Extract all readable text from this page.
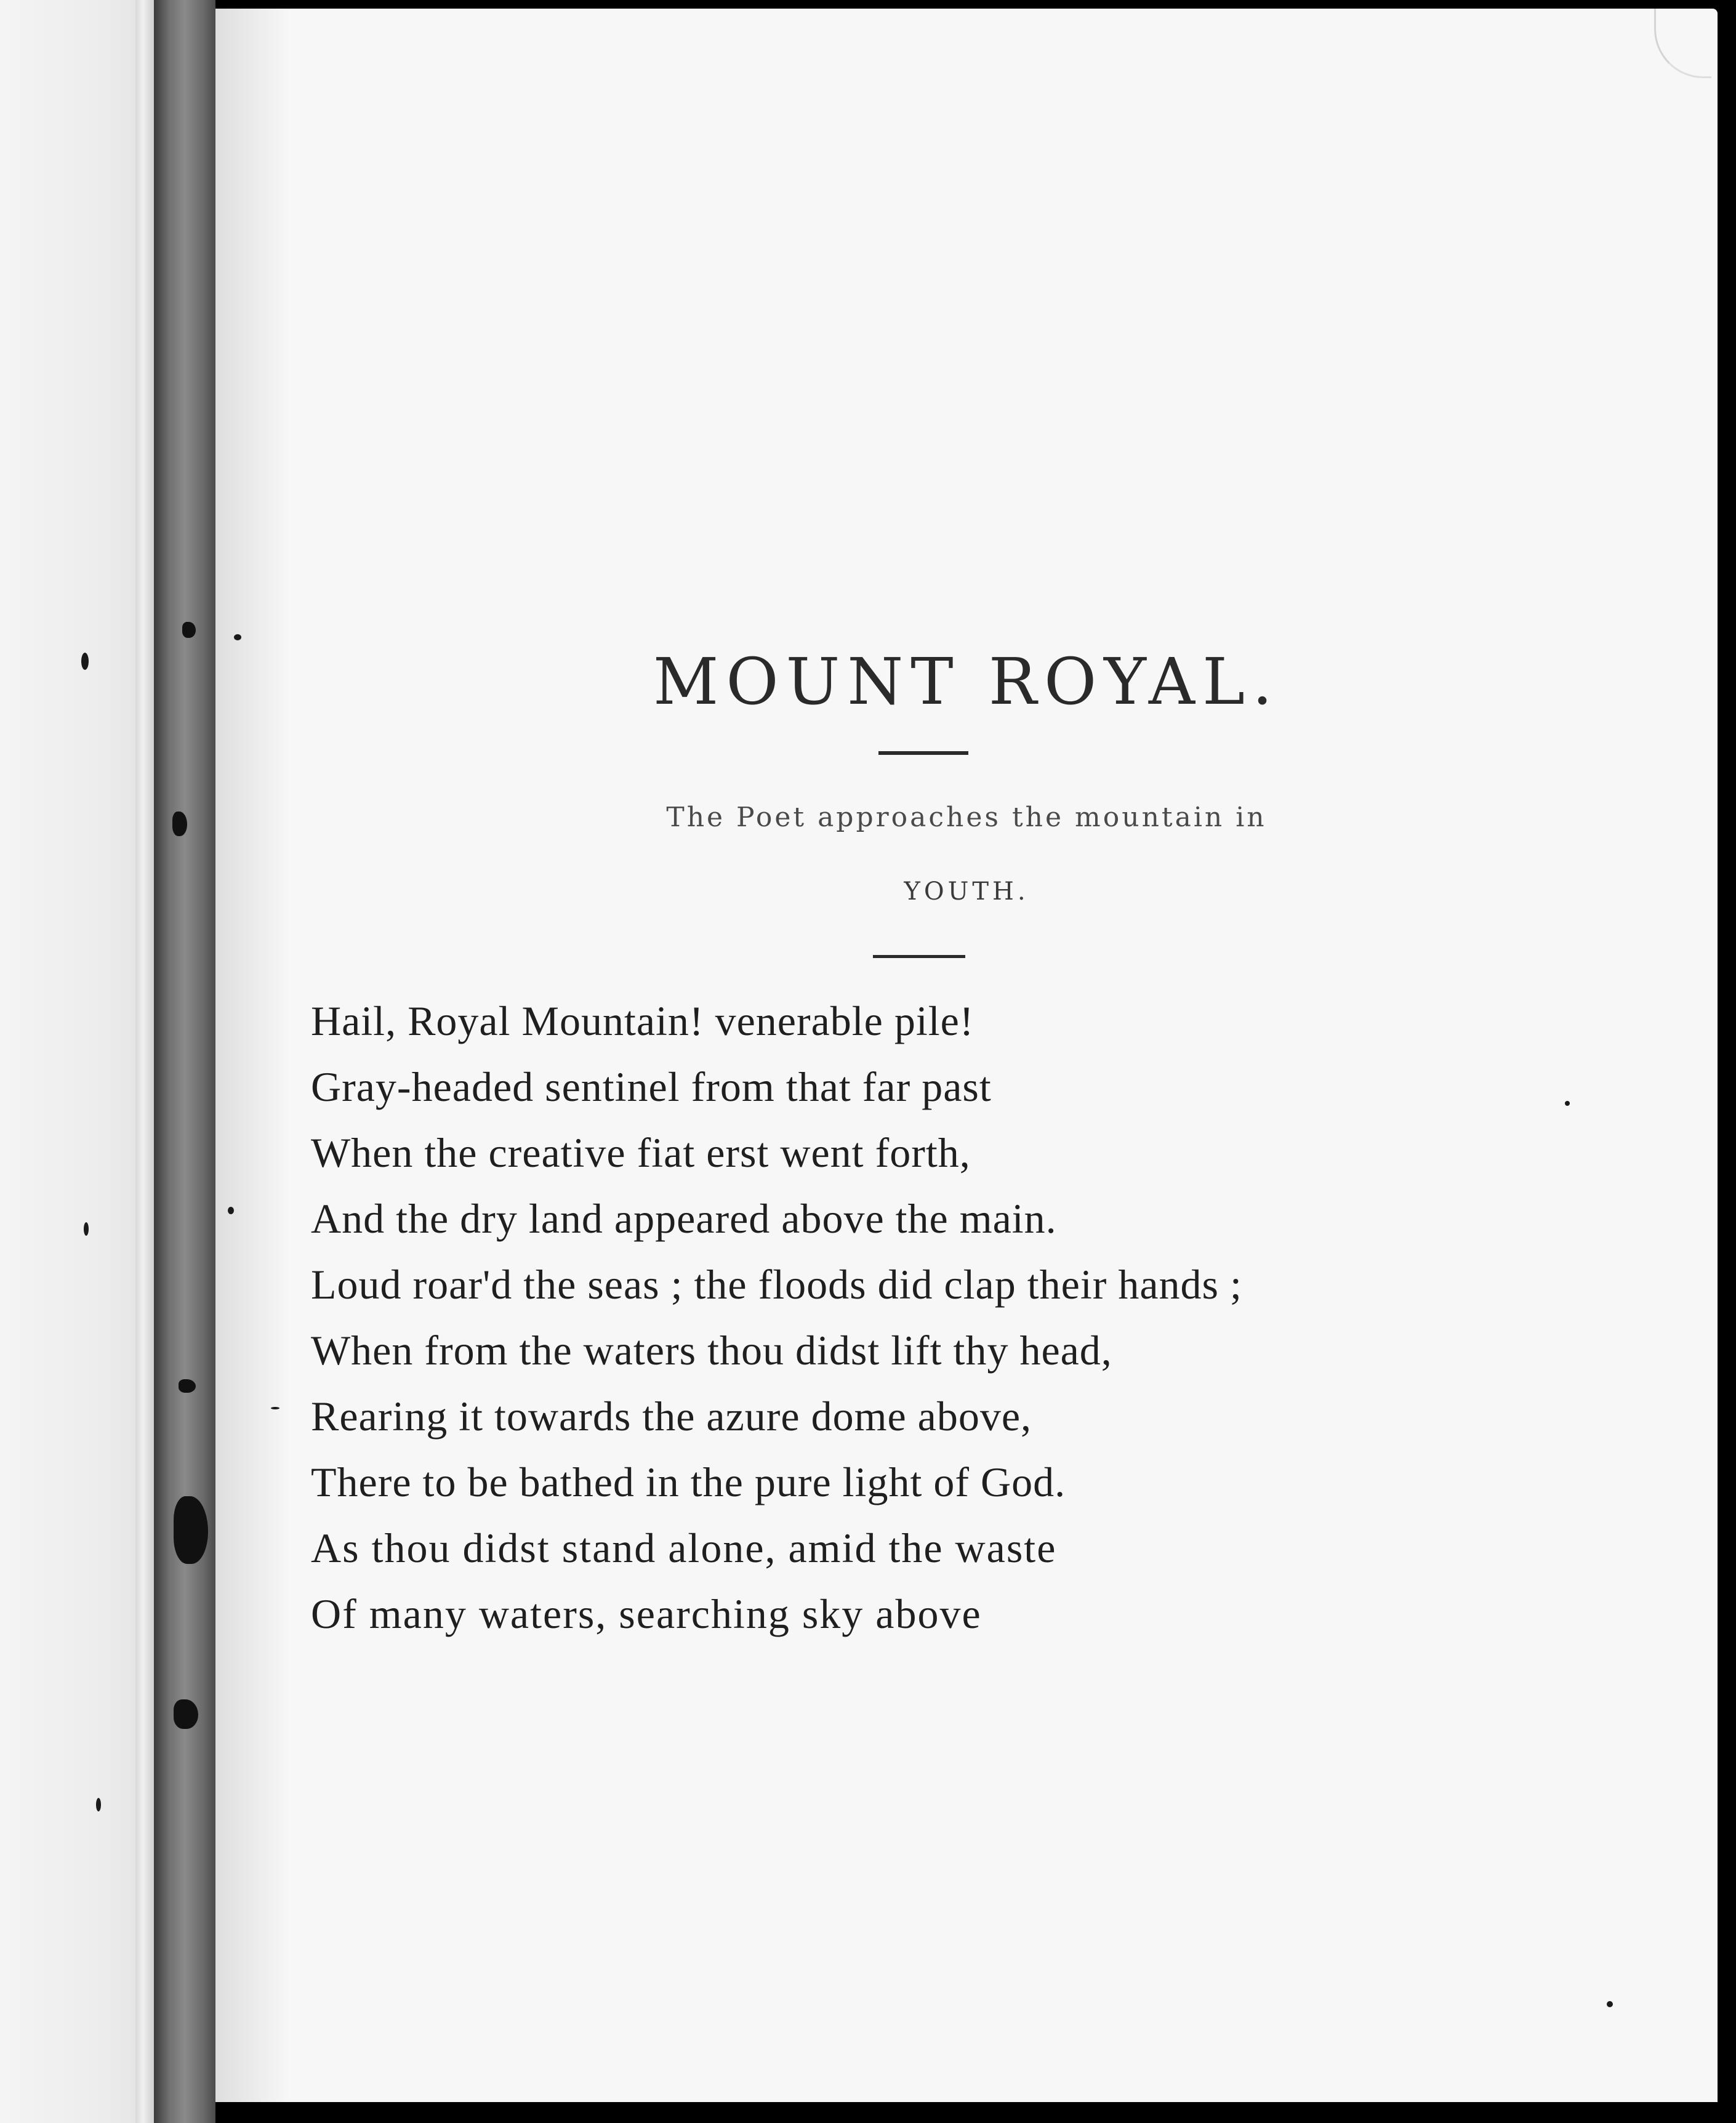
MOUNT ROYAL.
The Poet approaches the mountain in
YOUTH.
Hail, Royal Mountain! venerable pile!
Gray-headed sentinel from that far past
When the creative fiat erst went forth,
And the dry land appeared above the main.
Loud roar'd the seas ; the floods did clap their hands ;
When from the waters thou didst lift thy head,
Rearing it towards the azure dome above,
There to be bathed in the pure light of God.
As thou didst stand alone, amid the waste
Of many waters, searching sky above
